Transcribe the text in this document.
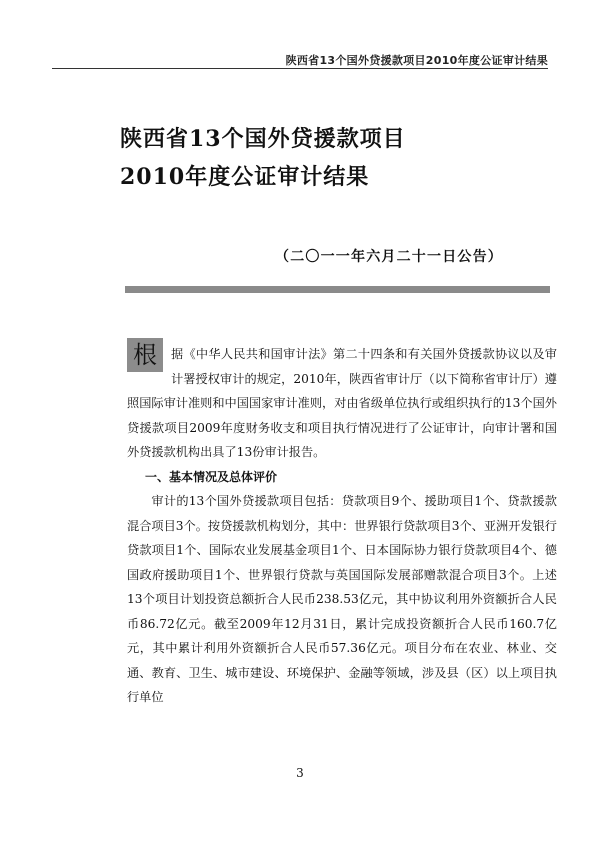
陕西省13个国外贷援款项目2010年度公证审计结果
陕西省13个国外贷援款项目
2010年度公证审计结果
（二〇一一年六月二十一日公告）

根	据《中华人民共和国审计法》第二十四条和有关国外贷援款协议以及审计署授权审计的规定，2010年，陕西省审计厅（以下简称省审计厅）遵照国际审计准则和中国国家审计准则，对由省级单位执行或组织执行的13个国外贷援款项目2009年度财务收支和项目执行情况进行了公证审计，向审计署和国外贷援款机构出具了13份审计报告。

一、基本情况及总体评价

审计的13个国外贷援款项目包括：贷款项目9个、援助项目1个、贷款援款混合项目3个。按贷援款机构划分，其中：世界银行贷款项目3个、亚洲开发银行贷款项目1个、国际农业发展基金项目1个、日本国际协力银行贷款项目4个、德国政府援助项目1个、世界银行贷款与英国国际发展部赠款混合项目3个。上述13个项目计划投资总额折合人民币238.53亿元，其中协议利用外资额折合人民币86.72亿元。截至2009年12月31日，累计完成投资额折合人民币160.7亿元，其中累计利用外资额折合人民币57.36亿元。项目分布在农业、林业、交通、教育、卫生、城市建设、环境保护、金融等领域，涉及县（区）以上项目执行单位

3
